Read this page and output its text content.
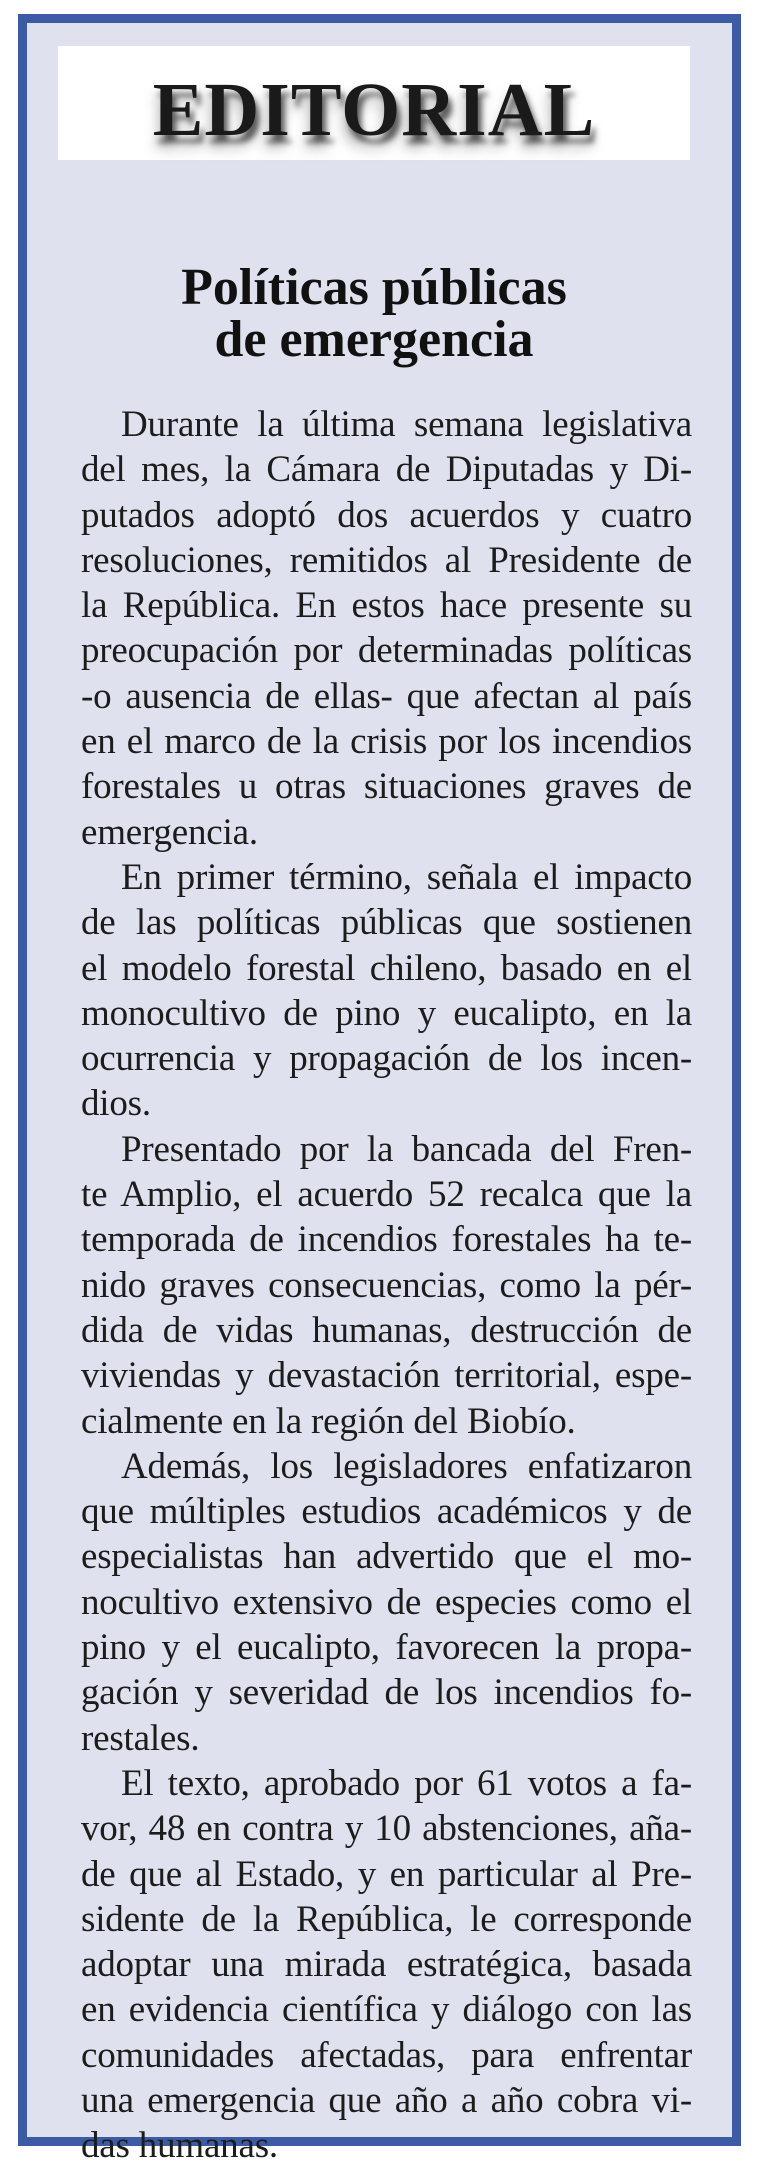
EDITORIAL
Políticas públicas
de emergencia
Durante la última semana legislativa
del mes, la Cámara de Diputadas y Di-
putados adoptó dos acuerdos y cuatro
resoluciones, remitidos al Presidente de
la República. En estos hace presente su
preocupación por determinadas políticas
-o ausencia de ellas- que afectan al país
en el marco de la crisis por los incendios
forestales u otras situaciones graves de
emergencia.
En primer término, señala el impacto
de las políticas públicas que sostienen
el modelo forestal chileno, basado en el
monocultivo de pino y eucalipto, en la
ocurrencia y propagación de los incen-
dios.
Presentado por la bancada del Fren-
te Amplio, el acuerdo 52 recalca que la
temporada de incendios forestales ha te-
nido graves consecuencias, como la pér-
dida de vidas humanas, destrucción de
viviendas y devastación territorial, espe-
cialmente en la región del Biobío.
Además, los legisladores enfatizaron
que múltiples estudios académicos y de
especialistas han advertido que el mo-
nocultivo extensivo de especies como el
pino y el eucalipto, favorecen la propa-
gación y severidad de los incendios fo-
restales.
El texto, aprobado por 61 votos a fa-
vor, 48 en contra y 10 abstenciones, aña-
de que al Estado, y en particular al Pre-
sidente de la República, le corresponde
adoptar una mirada estratégica, basada
en evidencia científica y diálogo con las
comunidades afectadas, para enfrentar
una emergencia que año a año cobra vi-
das humanas.
